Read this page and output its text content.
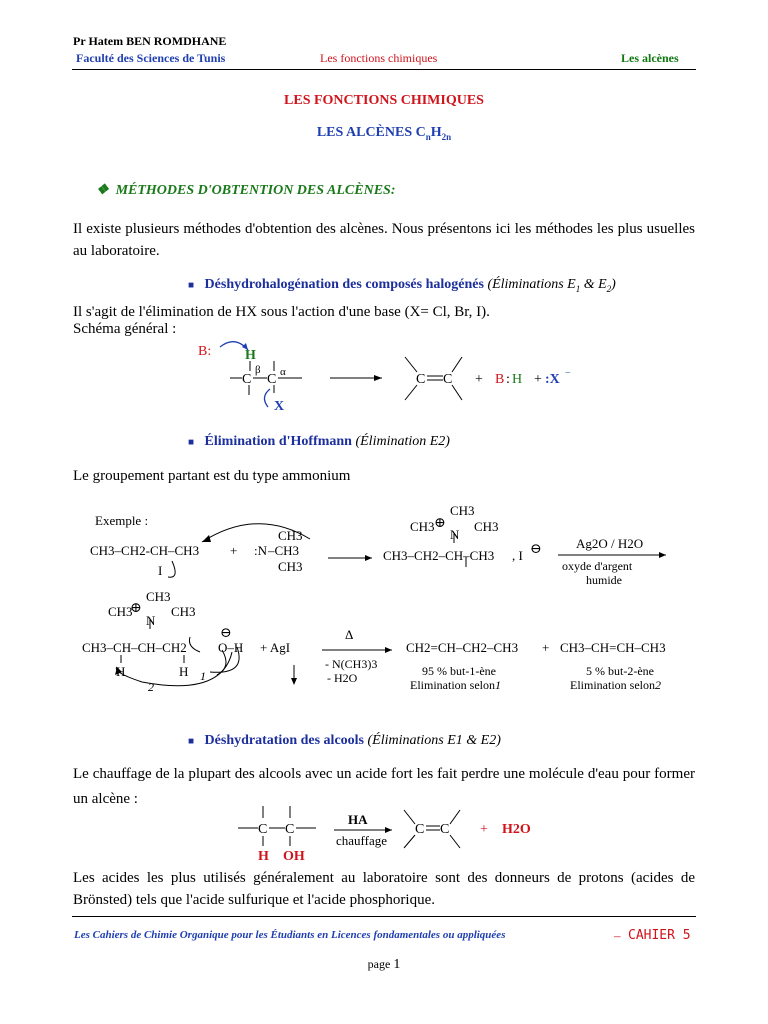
Pr Hatem BEN ROMDHANE
Faculté des Sciences de Tunis	Les fonctions chimiques	Les alcènes
LES FONCTIONS CHIMIQUES
LES ALCÈNES $C_nH_{2n}$
❖ MÉTHODES D'OBTENTION DES ALCÈNES:
Il existe plusieurs méthodes d'obtention des alcènes. Nous présentons ici les méthodes les plus usuelles au laboratoire.
■ Déshydrohalogénation des composés halogénés (Éliminations $E_1$ & $E_2$)
Il s'agit de l'élimination de HX sous l'action d'une base (X= Cl, Br, I).
Schéma général :
B: H
C
β
C α
X
C C + B : H + :X −
■ Élimination d'Hoffmann (Élimination E2)
Le groupement partant est du type ammonium
Exemple :
CH3–CH2-CH–CH3
I
+ :N
CH3
–CH3
CH3
CH3
CH3 ⊕
N
CH3
CH3–CH2–CH–CH3 , I ⊖	Ag2O / H2O
oxyde d'argent
humide
CH3
CH3
⊕
N
CH3
CH3–CH–CH–CH2
H	H 1
2
⊖
O–H + AgI
Δ
- N(CH3)3
- H2O
CH2=CH–CH2–CH3 + CH3–CH=CH–CH3
95 % but-1-ène
Elimination selon1
5 % but-2-ène
Elimination selon2
■ Déshydratation des alcools (Éliminations E1 & E2)
Le chauffage de la plupart des alcools avec un acide fort les fait perdre une molécule d'eau pour former un alcène :
C C
H OH
HA
chauffage
C C + H2O
Les acides les plus utilisés généralement au laboratoire sont des donneurs de protons (acides de Brönsted) tels que l'acide sulfurique et l'acide phosphorique.
Les Cahiers de Chimie Organique pour les Étudiants en Licences fondamentales ou appliquées	– CAHIER 5
page 1
